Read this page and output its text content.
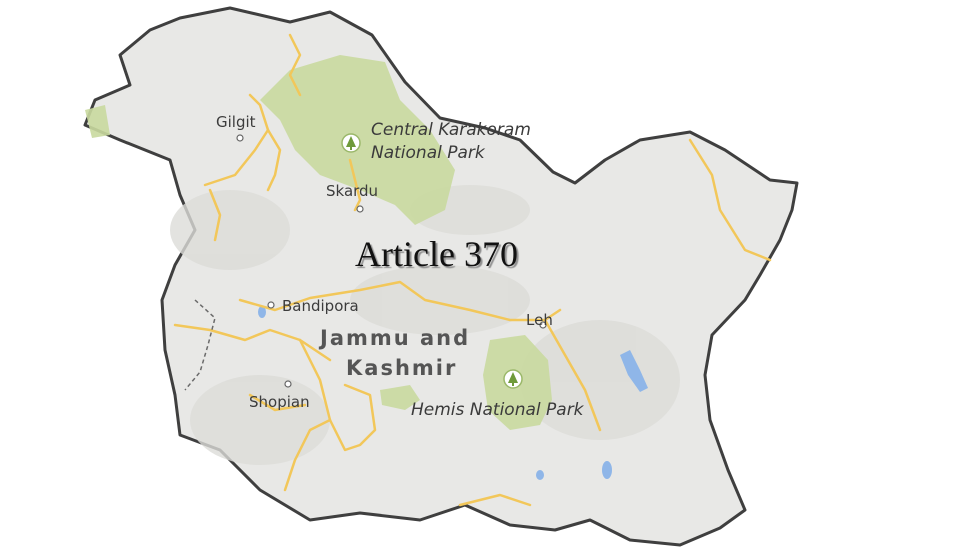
Gilgit
Skardu
Bandipora
Leh
Shopian
Central Karakoram
National Park
Hemis National Park
Jammu and
Kashmir
Article 370
